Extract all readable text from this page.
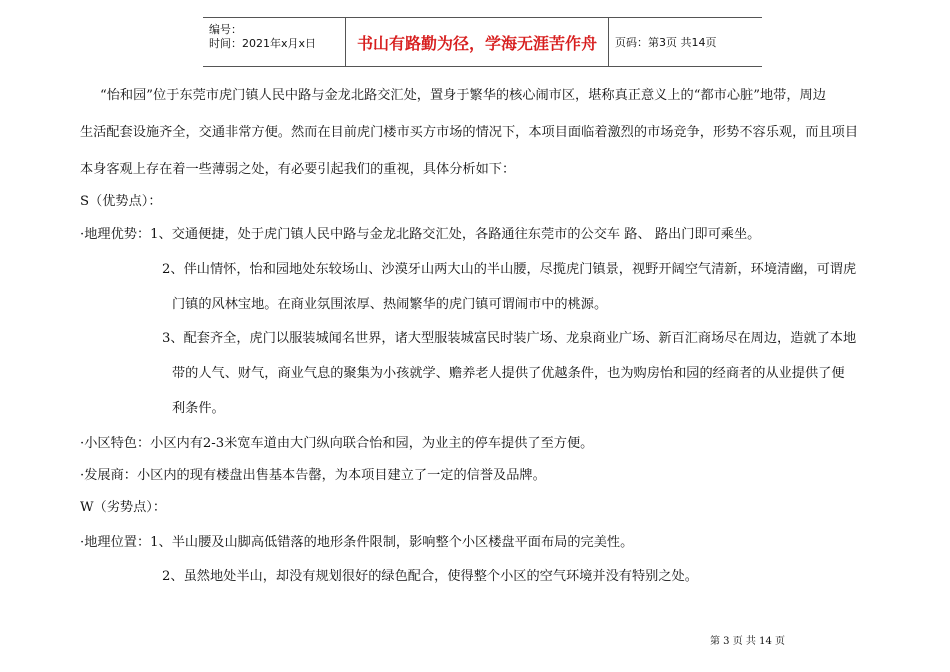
编号：
时间：2021年x月x日	书山有路勤为径，学海无涯苦作舟	页码：第3页 共14页
“怡和园”位于东莞市虎门镇人民中路与金龙北路交汇处，置身于繁华的核心闹市区，堪称真正意义上的“都市心脏”地带，周边
生活配套设施齐全，交通非常方便。然而在目前虎门楼市买方市场的情况下，本项目面临着激烈的市场竞争，形势不容乐观，而且项目
本身客观上存在着一些薄弱之处，有必要引起我们的重视，具体分析如下：
S（优势点）：
·地理优势：1、交通便捷，处于虎门镇人民中路与金龙北路交汇处，各路通往东莞市的公交车 路、 路出门即可乘坐。
2、伴山情怀，怡和园地处东较场山、沙漠牙山两大山的半山腰，尽揽虎门镇景，视野开阔空气清新，环境清幽，可谓虎
门镇的风林宝地。在商业氛围浓厚、热闹繁华的虎门镇可谓闹市中的桃源。
3、配套齐全，虎门以服装城闻名世界，诸大型服装城富民时装广场、龙泉商业广场、新百汇商场尽在周边，造就了本地
带的人气、财气，商业气息的聚集为小孩就学、赡养老人提供了优越条件，也为购房怡和园的经商者的从业提供了便
利条件。
·小区特色：小区内有2-3米宽车道由大门纵向联合怡和园，为业主的停车提供了至方便。
·发展商：小区内的现有楼盘出售基本告罄，为本项目建立了一定的信誉及品牌。
W（劣势点）：
·地理位置：1、半山腰及山脚高低错落的地形条件限制，影响整个小区楼盘平面布局的完美性。
2、虽然地处半山，却没有规划很好的绿色配合，使得整个小区的空气环境并没有特别之处。
第 3 页 共 14 页
